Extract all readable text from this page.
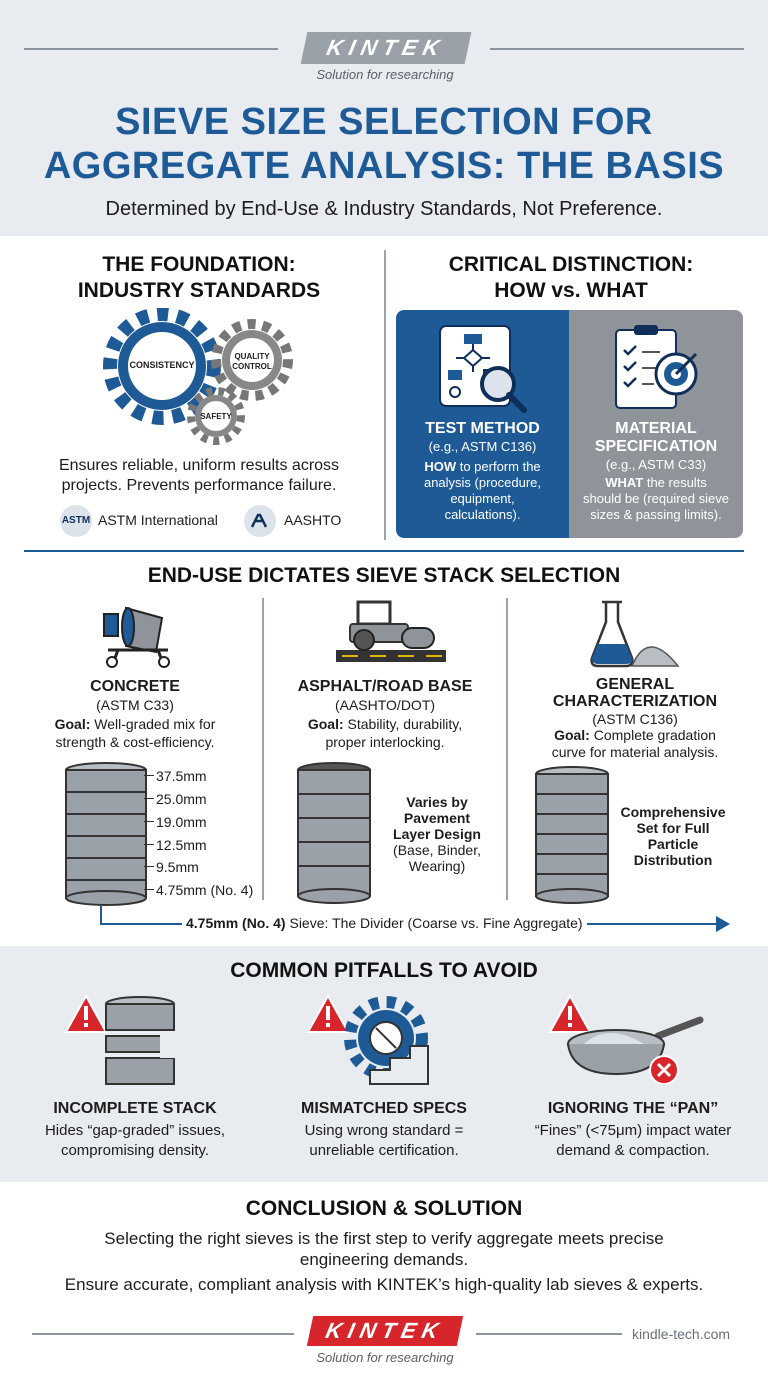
KINTEK
Solution for researching
SIEVE SIZE SELECTION FOR
AGGREGATE ANALYSIS: THE BASIS
Determined by End-Use & Industry Standards, Not Preference.
THE FOUNDATION:
INDUSTRY STANDARDS
CONSISTENCY
QUALITY CONTROL
SAFETY
Ensures reliable, uniform results across
projects. Prevents performance failure.
ASTM ASTM International	AASHTO
CRITICAL DISTINCTION:
HOW vs. WHAT
TEST METHOD
(e.g., ASTM C136)
HOW to perform the
analysis (procedure,
equipment,
calculations).
MATERIAL
SPECIFICATION
(e.g., ASTM C33)
WHAT the results
should be (required sieve
sizes & passing limits).
END-USE DICTATES SIEVE STACK SELECTION
CONCRETE
(ASTM C33)
Goal: Well-graded mix for
strength & cost-efficiency.
37.5mm
25.0mm
19.0mm
12.5mm
9.5mm
4.75mm (No. 4)
4.75mm (No. 4) Sieve: The Divider (Coarse vs. Fine Aggregate)
ASPHALT/ROAD BASE
(AASHTO/DOT)
Goal: Stability, durability,
proper interlocking.
Varies by
Pavement
Layer Design
(Base, Binder,
Wearing)
GENERAL
CHARACTERIZATION
(ASTM C136)
Goal: Complete gradation
curve for material analysis.
Comprehensive
Set for Full
Particle
Distribution
COMMON PITFALLS TO AVOID
INCOMPLETE STACK
Hides “gap-graded” issues,
compromising density.
MISMATCHED SPECS
Using wrong standard =
unreliable certification.
IGNORING THE “PAN”
“Fines” (<75μm) impact water
demand & compaction.
CONCLUSION & SOLUTION
Selecting the right sieves is the first step to verify aggregate meets precise
engineering demands.
Ensure accurate, compliant analysis with KINTEK’s high-quality lab sieves & experts.
KINTEK
Solution for researching
kindle-tech.com
